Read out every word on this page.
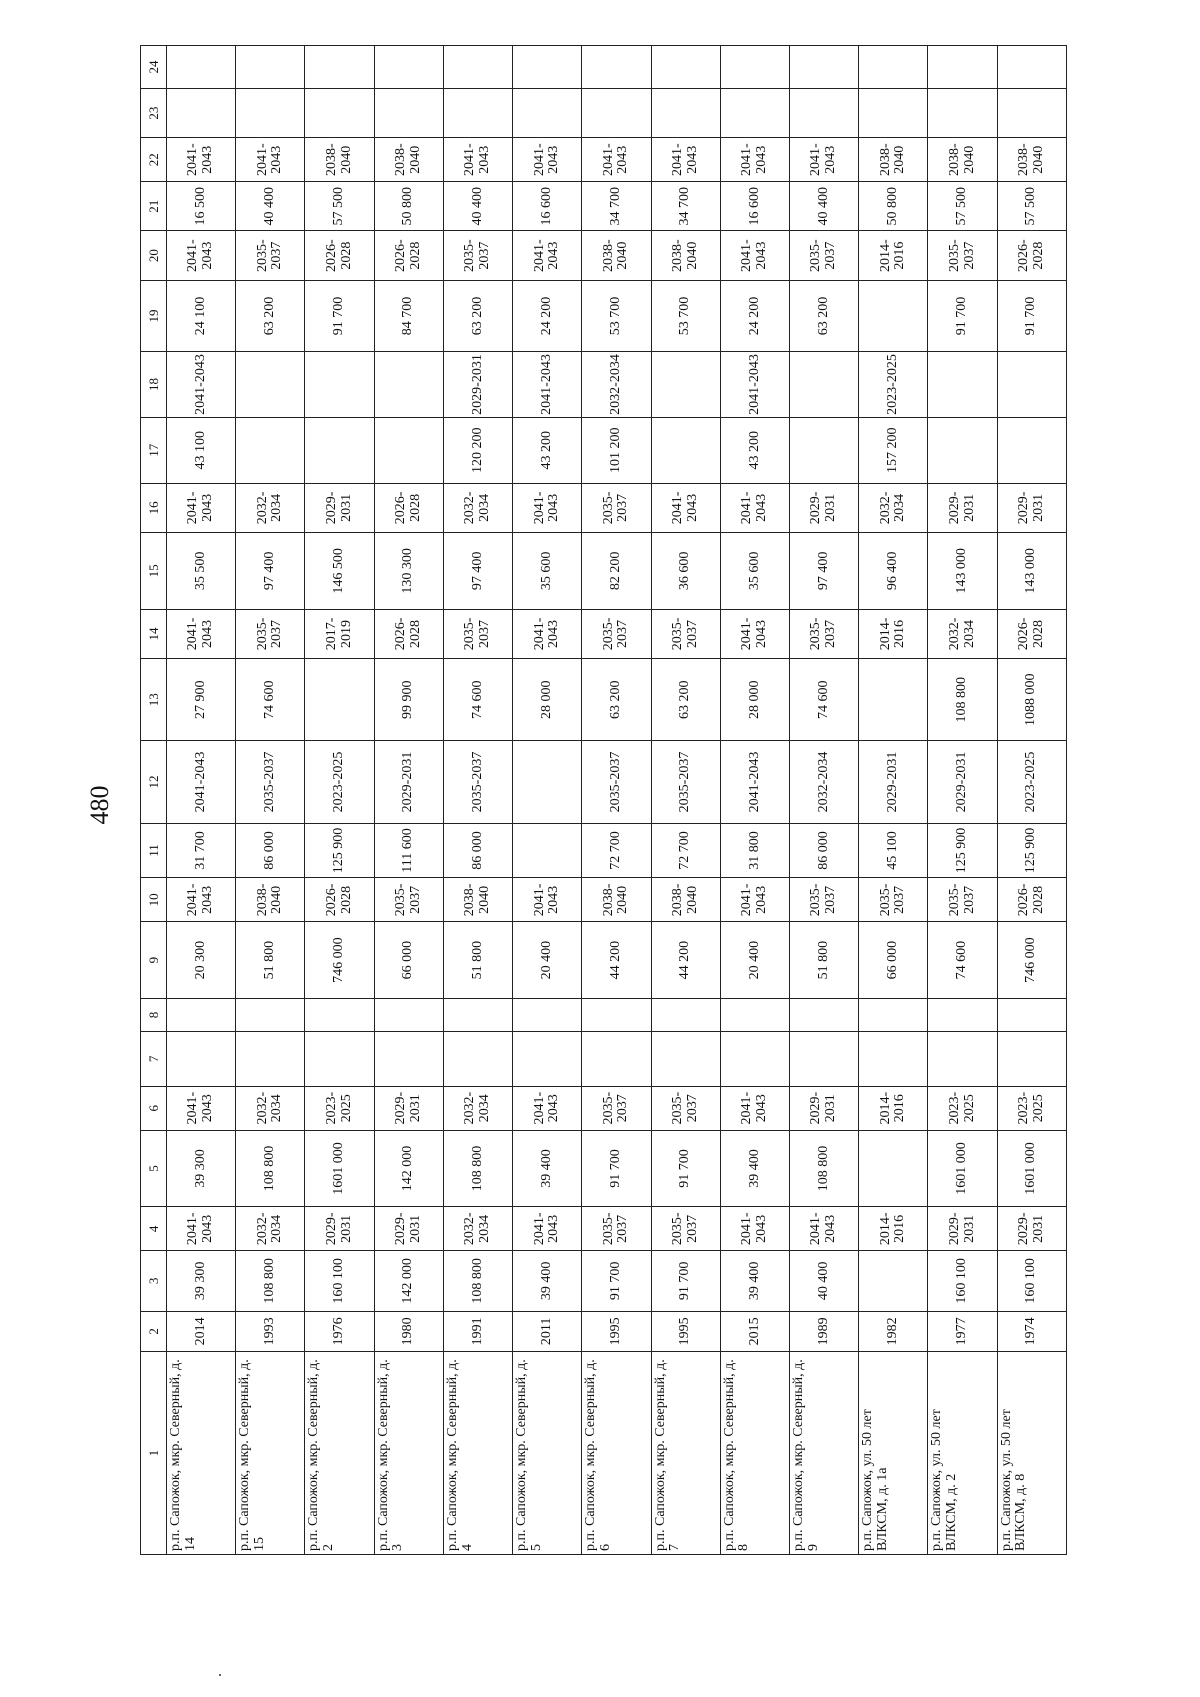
480
1	2	3	4	5	6	7	8	9	10	11	12	13	14	15	16	17	18	19	20	21	22	23	24
р.п. Сапожок, мкр. Северный, д. 14	2014	39 300	2041-2043	39 300	2041-2043			20 300	2041-2043	31 700	2041-2043	27 900	2041-2043	35 500	2041-2043	43 100	2041-2043	24 100	2041-2043	16 500	2041-2043		
р.п. Сапожок, мкр. Северный, д. 15	1993	108 800	2032-2034	108 800	2032-2034			51 800	2038-2040	86 000	2035-2037	74 600	2035-2037	97 400	2032-2034			63 200	2035-2037	40 400	2041-2043		
р.п. Сапожок, мкр. Северный, д. 2	1976	160 100	2029-2031	1601 000	2023-2025			746 000	2026-2028	125 900	2023-2025		2017-2019	146 500	2029-2031			91 700	2026-2028	57 500	2038-2040		
р.п. Сапожок, мкр. Северный, д. 3	1980	142 000	2029-2031	142 000	2029-2031			66 000	2035-2037	111 600	2029-2031	99 900	2026-2028	130 300	2026-2028			84 700	2026-2028	50 800	2038-2040		
р.п. Сапожок, мкр. Северный, д. 4	1991	108 800	2032-2034	108 800	2032-2034			51 800	2038-2040	86 000	2035-2037	74 600	2035-2037	97 400	2032-2034	120 200	2029-2031	63 200	2035-2037	40 400	2041-2043		
р.п. Сапожок, мкр. Северный, д. 5	2011	39 400	2041-2043	39 400	2041-2043			20 400	2041-2043			28 000	2041-2043	35 600	2041-2043	43 200	2041-2043	24 200	2041-2043	16 600	2041-2043		
р.п. Сапожок, мкр. Северный, д. 6	1995	91 700	2035-2037	91 700	2035-2037			44 200	2038-2040	72 700	2035-2037	63 200	2035-2037	82 200	2035-2037	101 200	2032-2034	53 700	2038-2040	34 700	2041-2043		
р.п. Сапожок, мкр. Северный, д. 7	1995	91 700	2035-2037	91 700	2035-2037			44 200	2038-2040	72 700	2035-2037	63 200	2035-2037	36 600	2041-2043			53 700	2038-2040	34 700	2041-2043		
р.п. Сапожок, мкр. Северный, д. 8	2015	39 400	2041-2043	39 400	2041-2043			20 400	2041-2043	31 800	2041-2043	28 000	2041-2043	35 600	2041-2043	43 200	2041-2043	24 200	2041-2043	16 600	2041-2043		
р.п. Сапожок, мкр. Северный, д. 9	1989	40 400	2041-2043	108 800	2029-2031			51 800	2035-2037	86 000	2032-2034	74 600	2035-2037	97 400	2029-2031			63 200	2035-2037	40 400	2041-2043		
р.п. Сапожок, ул. 50 лет ВЛКСМ, д. 1а	1982		2014-2016		2014-2016			66 000	2035-2037	45 100	2029-2031		2014-2016	96 400	2032-2034	157 200	2023-2025		2014-2016	50 800	2038-2040		
р.п. Сапожок, ул. 50 лет ВЛКСМ, д. 2	1977	160 100	2029-2031	1601 000	2023-2025			74 600	2035-2037	125 900	2029-2031	108 800	2032-2034	143 000	2029-2031			91 700	2035-2037	57 500	2038-2040		
р.п. Сапожок, ул. 50 лет ВЛКСМ, д. 8	1974	160 100	2029-2031	1601 000	2023-2025			746 000	2026-2028	125 900	2023-2025	1088 000	2026-2028	143 000	2029-2031			91 700	2026-2028	57 500	2038-2040		
